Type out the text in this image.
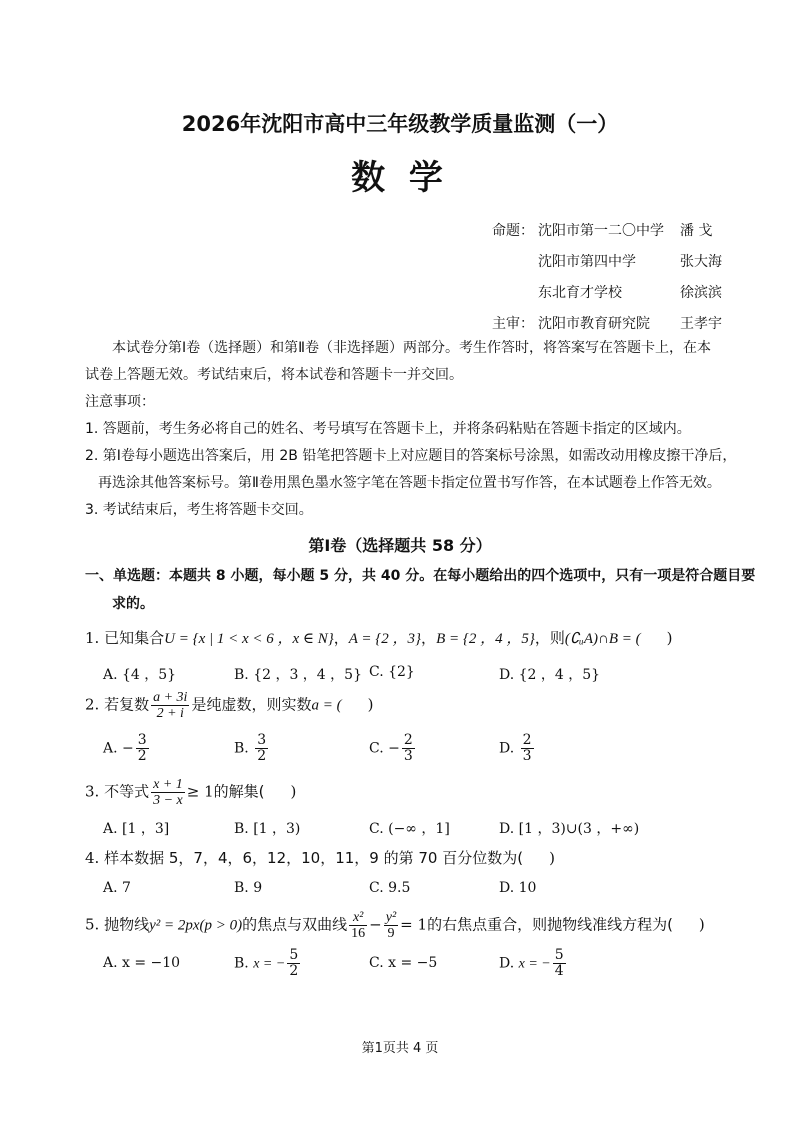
2026年沈阳市高中三年级教学质量监测（一）
数 学
命题： 沈阳市第一二〇中学 潘 戈
沈阳市第四中学	张大海
东北育才学校	徐滨滨
主审： 沈阳市教育研究院 王孝宇
本试卷分第Ⅰ卷（选择题）和第Ⅱ卷（非选择题）两部分。考生作答时，将答案写在答题卡上，在本
试卷上答题无效。考试结束后，将本试卷和答题卡一并交回。
注意事项：
1. 答题前，考生务必将自己的姓名、考号填写在答题卡上，并将条码粘贴在答题卡指定的区域内。
2. 第Ⅰ卷每小题选出答案后，用 2B 铅笔把答题卡上对应题目的答案标号涂黑，如需改动用橡皮擦干净后，
再选涂其他答案标号。第Ⅱ卷用黑色墨水签字笔在答题卡指定位置书写作答，在本试题卷上作答无效。
3. 考试结束后，考生将答题卡交回。
第Ⅰ卷（选择题共 58 分）
一、单选题：本题共 8 小题，每小题 5 分，共 40 分。在每小题给出的四个选项中，只有一项是符合题目要
求的。
1. 已知集合U = {x | 1 < x < 6 ，x ∈ N}，A = {2 ，3}，B = {2 ，4 ，5}，则(∁ᵤA)∩B = ( )
A. {4 ，5}	B. {2 ，3 ，4 ，5} C. {2}	D. {2 ，4 ，5}
2. 若复数 $\frac{a + 3i}{2 + i}$ 是纯虚数，则实数a = ( )
A. − $\frac{3}{2}$	B. $\frac{3}{2}$	C. − $\frac{2}{3}$	D. $\frac{2}{3}$
3. 不等式 $\frac{x + 1}{3 - x} \ge 1$的解集( )
A. [1 ，3]	B. [1 ，3)	C. (−∞ ，1]	D. [1 ，3)∪(3 ，+∞)
4. 样本数据 5，7，4，6，12，10，11，9 的第 70 百分位数为( )
A. 7	B. 9	C. 9.5	D. 10
5. 抛物线y² = 2px(p > 0)的焦点与双曲线 $\frac{\text{x²}}{16} - \frac{\text{y²}}{9} = 1$的右焦点重合，则抛物线准线方程为( )
A. x = −10	B. x = − $\frac{5}{2}$	C. x = −5	D. x = − $\frac{5}{4}$
第1页共 4 页
